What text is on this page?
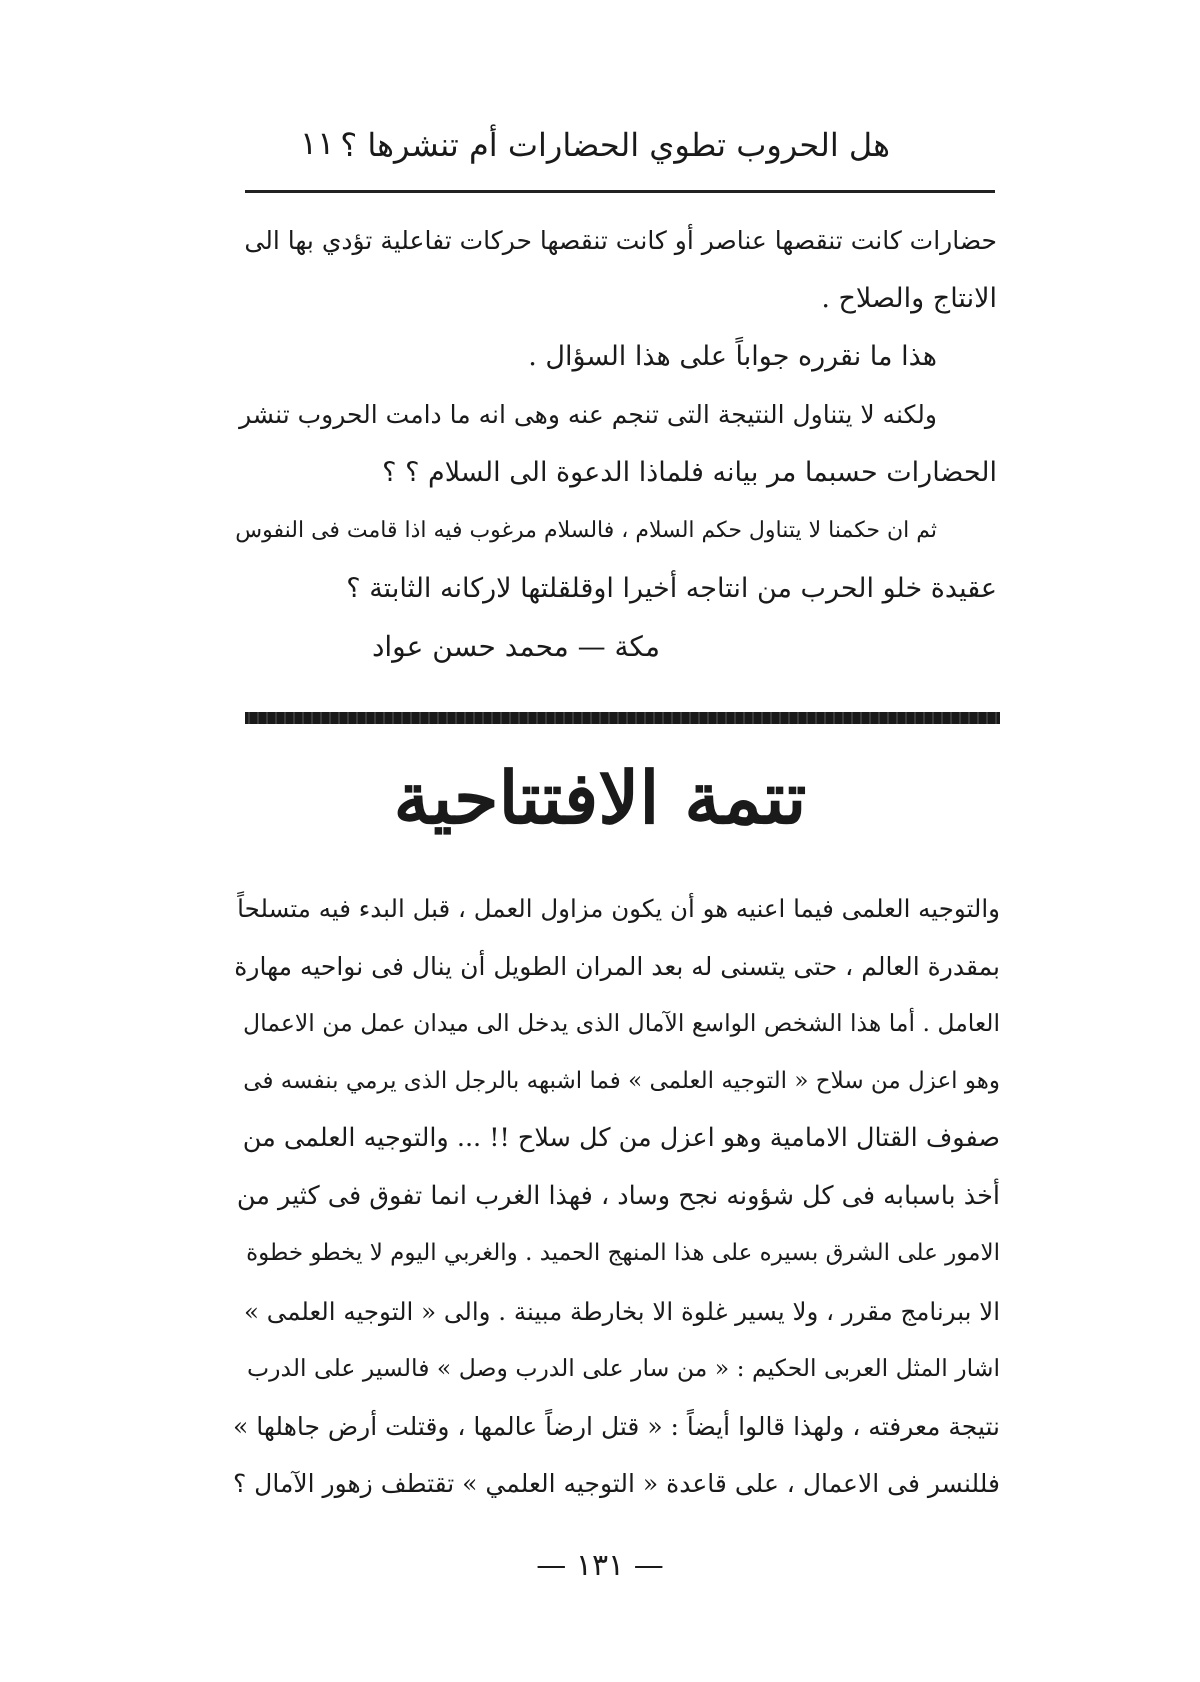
هل الحروب تطوي الحضارات أم تنشرها ؟
١١
حضارات كانت تنقصها عناصر أو كانت تنقصها حركات تفاعلية تؤدي بها الى
الانتاج والصلاح .
هذا ما نقرره جواباً على هذا السؤال .
ولكنه لا يتناول النتيجة التى تنجم عنه وهى انه ما دامت الحروب تنشر
الحضارات حسبما مر بيانه فلماذا الدعوة الى السلام ؟ ؟
ثم ان حكمنا لا يتناول حكم السلام ، فالسلام مرغوب فيه اذا قامت فى النفوس
عقيدة خلو الحرب من انتاجه أخيرا اوقلقلتها لاركانه الثابتة ؟
مكة — محمد حسن عواد
تتمة الافتتاحية
والتوجيه العلمى فيما اعنيه هو أن يكون مزاول العمل ، قبل البدء فيه متسلحاً
بمقدرة العالم ، حتى يتسنى له بعد المران الطويل أن ينال فى نواحيه مهارة
العامل . أما هذا الشخص الواسع الآمال الذى يدخل الى ميدان عمل من الاعمال
وهو اعزل من سلاح « التوجيه العلمى » فما اشبهه بالرجل الذى يرمي بنفسه فى
صفوف القتال الامامية وهو اعزل من كل سلاح !! ... والتوجيه العلمى من
أخذ باسبابه فى كل شؤونه نجح وساد ، فهذا الغرب انما تفوق فى كثير من
الامور على الشرق بسيره على هذا المنهج الحميد . والغربي اليوم لا يخطو خطوة
الا ببرنامج مقرر ، ولا يسير غلوة الا بخارطة مبينة . والى « التوجيه العلمى »
اشار المثل العربى الحكيم : « من سار على الدرب وصل » فالسير على الدرب
نتيجة معرفته ، ولهذا قالوا أيضاً : « قتل ارضاً عالمها ، وقتلت أرض جاهلها »
فللنسر فى الاعمال ، على قاعدة « التوجيه العلمي » تقتطف زهور الآمال ؟
— ١٣١ —
